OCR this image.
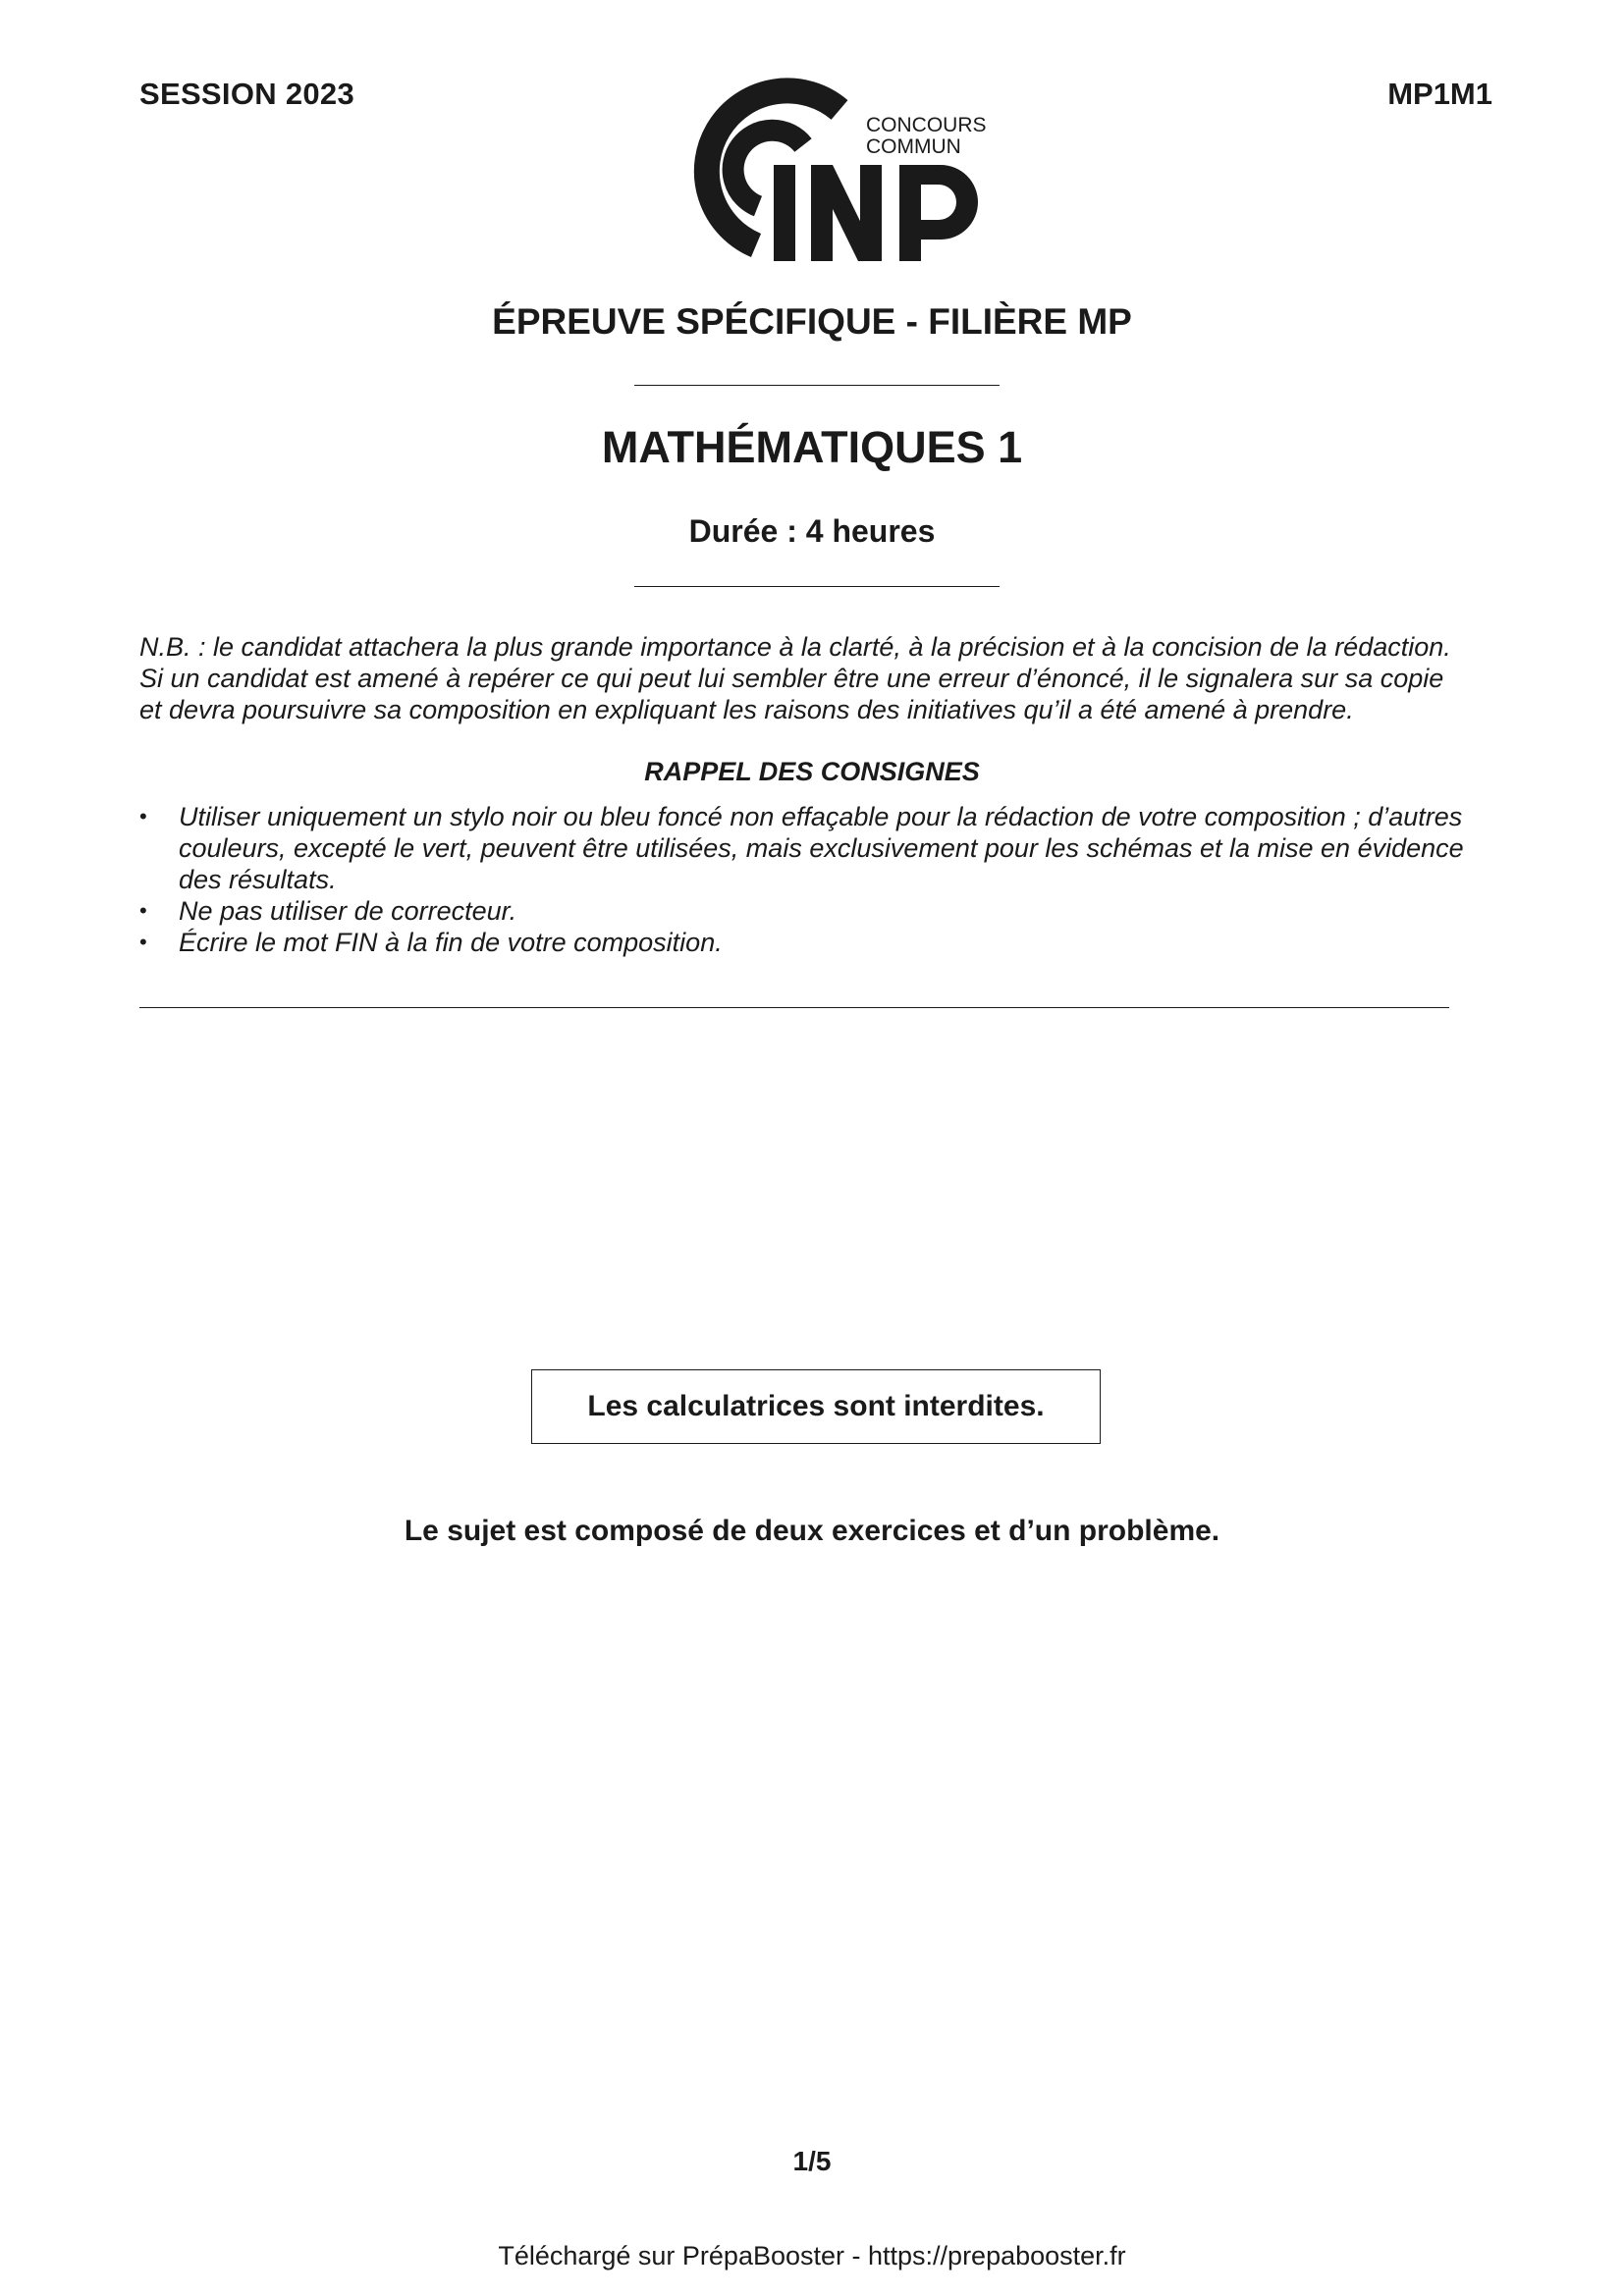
SESSION 2023	MP1M1
CONCOURS
COMMUN
ÉPREUVE SPÉCIFIQUE - FILIÈRE MP
MATHÉMATIQUES 1
Durée : 4 heures

N.B. : le candidat attachera la plus grande importance à la clarté, à la précision et à la concision de la rédaction.

Si un candidat est amené à repérer ce qui peut lui sembler être une erreur d’énoncé, il le signalera sur sa copie

et devra poursuivre sa composition en expliquant les raisons des initiatives qu’il a été amené à prendre.

RAPPEL DES CONSIGNES
• Utiliser uniquement un stylo noir ou bleu foncé non effaçable pour la rédaction de votre composition ; d’autres
couleurs, excepté le vert, peuvent être utilisées, mais exclusivement pour les schémas et la mise en évidence
des résultats.
• Ne pas utiliser de correcteur.
• Écrire le mot FIN à la fin de votre composition.
Les calculatrices sont interdites.
Le sujet est composé de deux exercices et d’un problème.
1/5
Téléchargé sur PrépaBooster - https://prepabooster.fr
